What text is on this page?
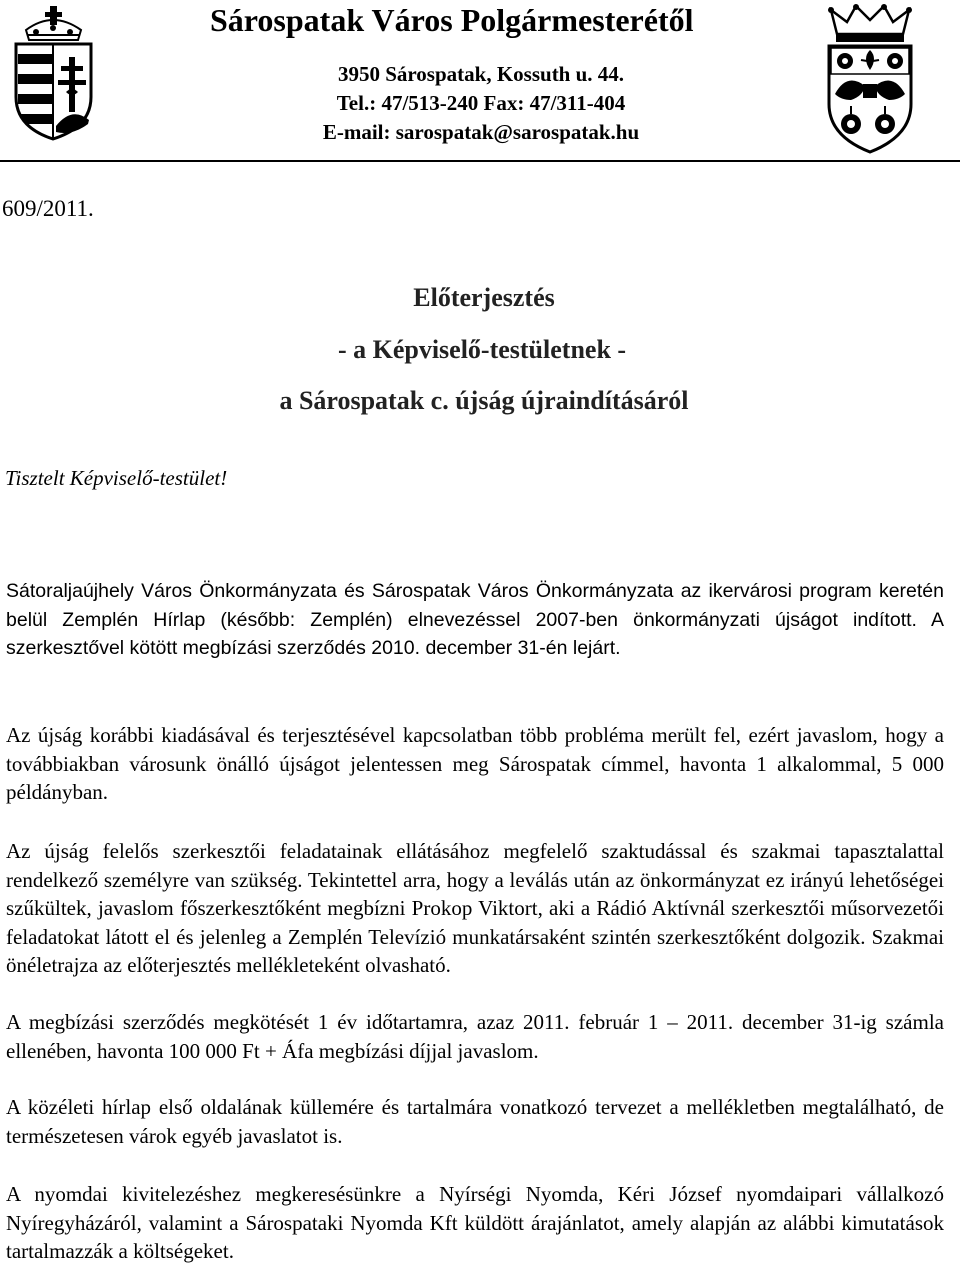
Sárospatak Város Polgármesterétől
3950 Sárospatak, Kossuth u. 44.
Tel.: 47/513-240 Fax: 47/311-404
E-mail: sarospatak@sarospatak.hu
609/2011.
Előterjesztés
- a Képviselő-testületnek -
a Sárospatak c. újság újraindításáról
Tisztelt Képviselő-testület!
Sátoraljaújhely Város Önkormányzata és Sárospatak Város Önkormányzata az ikervárosi program keretén belül Zemplén Hírlap (később: Zemplén) elnevezéssel 2007-ben önkormányzati újságot indított. A szerkesztővel kötött megbízási szerződés 2010. december 31-én lejárt.
Az újság korábbi kiadásával és terjesztésével kapcsolatban több probléma merült fel, ezért javaslom, hogy a továbbiakban városunk önálló újságot jelentessen meg Sárospatak címmel, havonta 1 alkalommal, 5 000 példányban.
Az újság felelős szerkesztői feladatainak ellátásához megfelelő szaktudással és szakmai tapasztalattal rendelkező személyre van szükség. Tekintettel arra, hogy a leválás után az önkormányzat ez irányú lehetőségei szűkültek, javaslom főszerkesztőként megbízni Prokop Viktort, aki a Rádió Aktívnál szerkesztői műsorvezetői feladatokat látott el és jelenleg a Zemplén Televízió munkatársaként szintén szerkesztőként dolgozik. Szakmai önéletrajza az előterjesztés mellékleteként olvasható.
A megbízási szerződés megkötését 1 év időtartamra, azaz 2011. február 1 – 2011. december 31-ig számla ellenében, havonta 100 000 Ft + Áfa megbízási díjjal javaslom.
A közéleti hírlap első oldalának küllemére és tartalmára vonatkozó tervezet a mellékletben megtalálható, de természetesen várok egyéb javaslatot is.
A nyomdai kivitelezéshez megkeresésünkre a Nyírségi Nyomda, Kéri József nyomdaipari vállalkozó Nyíregyházáról, valamint a Sárospataki Nyomda Kft küldött árajánlatot, amely alapján az alábbi kimutatások tartalmazzák a költségeket.
